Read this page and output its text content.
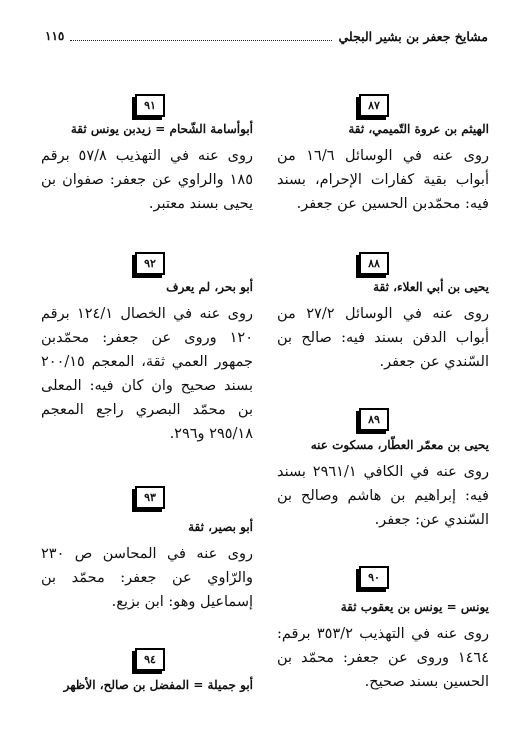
مشايخ جعفر بن بشير البجلي
١١٥
٨٧
الهيثم بن عروة التّميمي، ثقة
روى عنه في الوسائل ١٦/٦ من أبواب بقية كفارات الإحرام، بسند فيه: محمّدبن الحسين عن جعفر.
٨٨
يحيى بن أبي العلاء، ثقة
روى عنه في الوسائل ٢٧/٢ من أبواب الدفن بسند فيه: صالح بن السّندي عن جعفر.
٨٩
يحيى بن معمّر العطّار، مسكوت عنه
روى عنه في الكافي ٢٩٦١/١ بسند فيه: إبراهيم بن هاشم وصالح بن السّندي عن: جعفر.
٩٠
يونس = يونس بن يعقوب ثقة
روى عنه في التهذيب ٣٥٣/٢ برقم: ١٤٦٤ وروى عن جعفر: محمّد بن الحسين بسند صحيح.
٩١
أبوأسامة الشّحام = زيدبن يونس ثقة
روى عنه في التهذيب ٥٧/٨ برقم ١٨٥ والراوي عن جعفر: صفوان بن يحيى بسند معتبر.
٩٢
أبو بحر، لم يعرف
روى عنه في الخصال ١٢٤/١ برقم ١٢٠ وروى عن جعفر: محمّدبن جمهور العمي ثقة، المعجم ٢٠٠/١٥ بسند صحيح وان كان فيه: المعلى بن محمّد البصري راجع المعجم ٢٩٥/١٨ و٢٩٦.
٩٣
أبو بصير، ثقة
روى عنه في المحاسن ص ٢٣٠ والرّاوي عن جعفر: محمّد بن إسماعيل وهو: ابن بزيع.
٩٤
أبو جميلة = المفضل بن صالح، الأظهر
